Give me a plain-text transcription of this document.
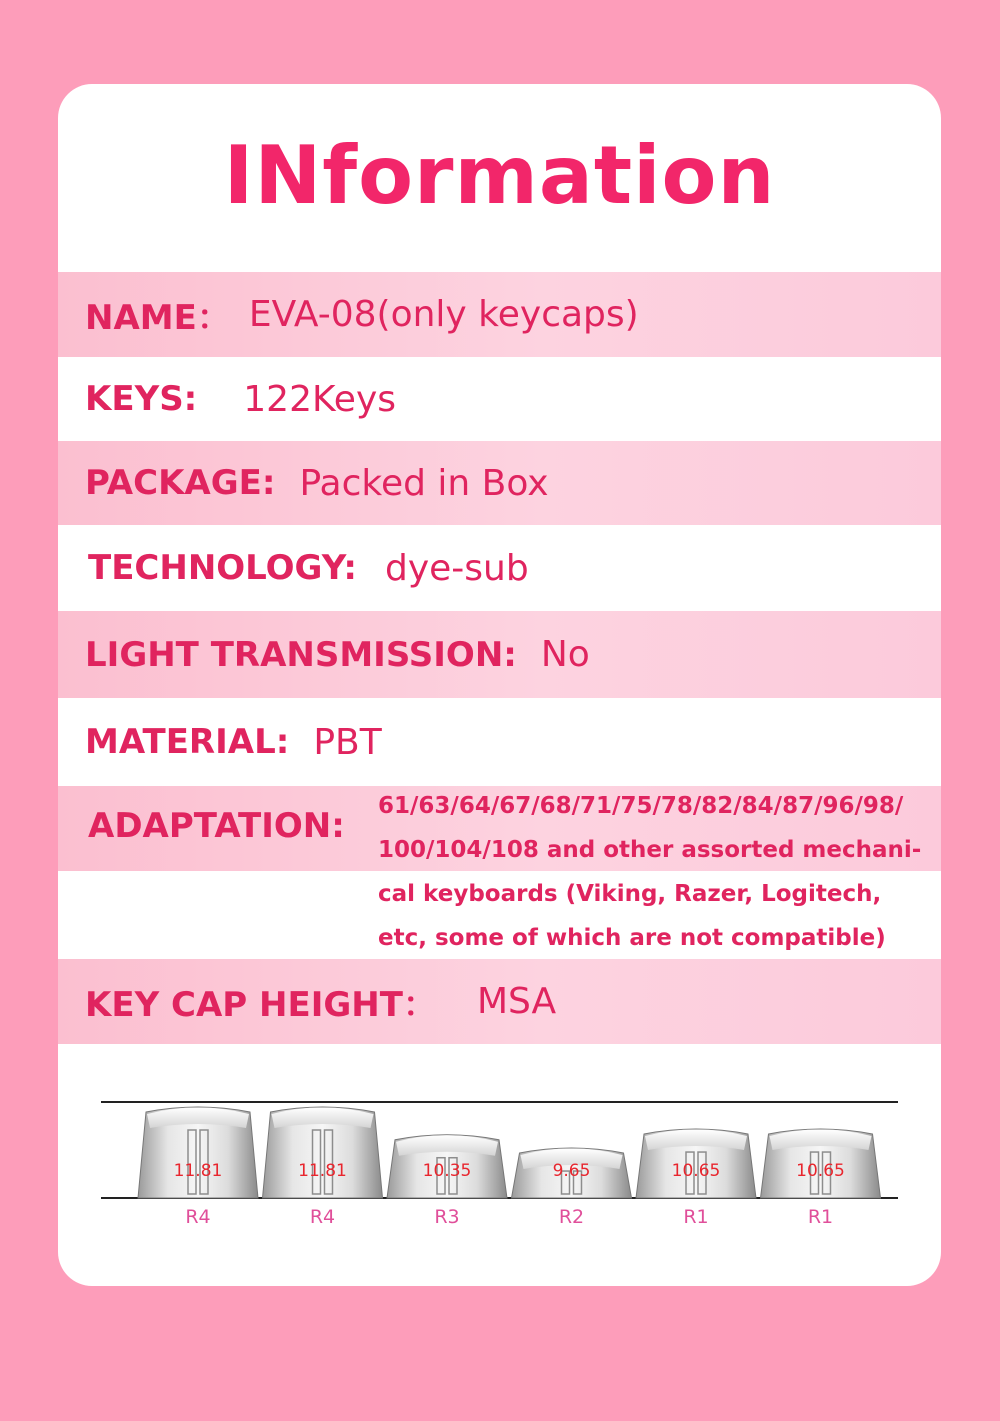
INformation
NAME： EVA-08(only keycaps)
KEYS: 122Keys
PACKAGE: Packed in Box
TECHNOLOGY: dye-sub
LIGHT TRANSMISSION: No
MATERIAL: PBT
ADAPTATION: 61/63/64/67/68/71/75/78/82/84/87/96/98/
100/104/108 and other assorted mechani-
cal keyboards (Viking, Razer, Logitech,
etc, some of which are not compatible)
KEY CAP HEIGHT： MSA
11.81
R4
11.81
R4
10.35
R3
9.65
R2
10.65
R1
10.65
R1
